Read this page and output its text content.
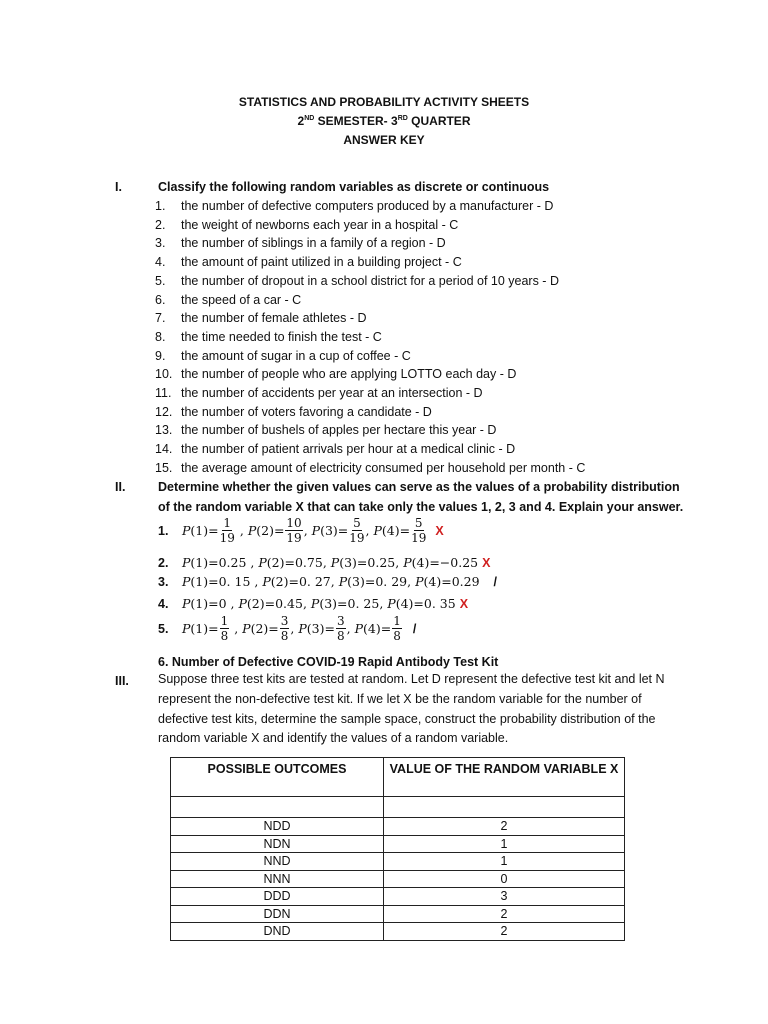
STATISTICS AND PROBABILITY ACTIVITY SHEETS
2ND SEMESTER- 3RD QUARTER
ANSWER KEY
I.	Classify the following random variables as discrete or continuous
1. the number of defective computers produced by a manufacturer - D
2. the weight of newborns each year in a hospital - C
3. the number of siblings in a family of a region - D
4. the amount of paint utilized in a building project - C
5. the number of dropout in a school district for a period of 10 years - D
6. the speed of a car - C
7. the number of female athletes - D
8. the time needed to finish the test - C
9. the amount of sugar in a cup of coffee - C
10. the number of people who are applying LOTTO each day - D
11. the number of accidents per year at an intersection - D
12. the number of voters favoring a candidate - D
13. the number of bushels of apples per hectare this year - D
14. the number of patient arrivals per hour at a medical clinic - D
15. the average amount of electricity consumed per household per month - C
II.	Determine whether the given values can serve as the values of a probability distribution of the random variable X that can take only the values 1, 2, 3 and 4. Explain your answer.
1.	P $(1)= \frac{1}{19}$ , P $(2)= \frac{10}{19}$ , P $(3)= \frac{5}{19}$ , P $(4)= \frac{5}{19}$ X
2.	P (1)= 0.25 , P (2)= 0.75 , P (3)= 0.25 , P (4)= −0.25 X
3.	P (1)= 0. 15 , P (2)= 0. 27 , P (3)= 0. 29 , P (4)= 0.29 /
4.	P (1)= 0 , P (2)= 0.45 , P (3)= 0. 25 , P (4)= 0. 35 X
5.	P $(1)= \frac{1}{8}$ , P $(2)= \frac{3}{8}$ , P $(3)= \frac{3}{8}$ , P $(4)= \frac{1}{8}$ /
6. Number of Defective COVID-19 Rapid Antibody Test Kit
III. Suppose three test kits are tested at random. Let D represent the defective test kit and let N represent the non-defective test kit. If we let X be the random variable for the number of defective test kits, determine the sample space, construct the probability distribution of the random variable X and identify the values of a random variable.
POSSIBLE OUTCOMES	VALUE OF THE RANDOM VARIABLE X

NDD	2
NDN	1
NND	1
NNN	0
DDD	3
DDN	2
DND	2
